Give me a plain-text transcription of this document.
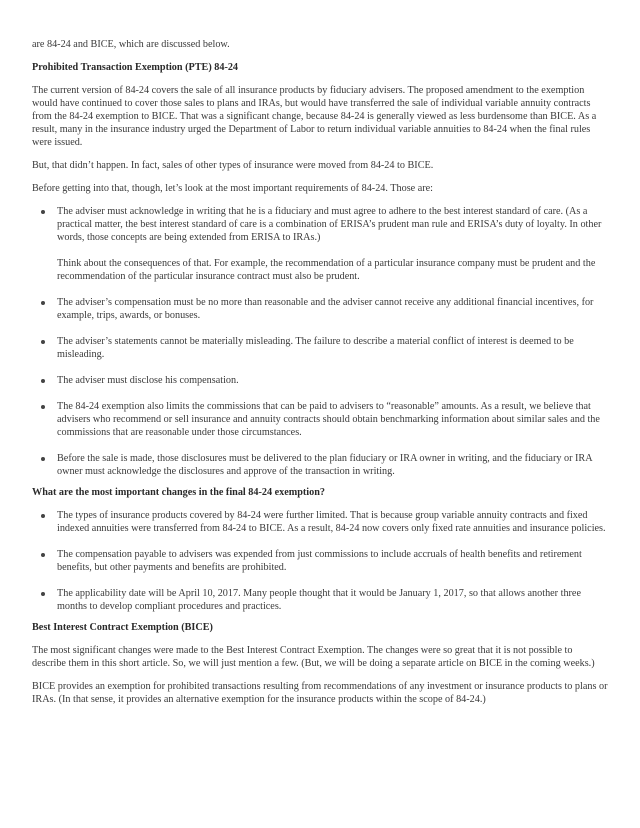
are 84-24 and BICE, which are discussed below.

Prohibited Transaction Exemption (PTE) 84-24

The current version of 84-24 covers the sale of all insurance products by fiduciary advisers. The proposed amendment to the exemption would have continued to cover those sales to plans and IRAs, but would have transferred the sale of individual variable annuity contracts from the 84-24 exemption to BICE. That was a significant change, because 84-24 is generally viewed as less burdensome than BICE. As a result, many in the insurance industry urged the Department of Labor to return individual variable annuities to 84-24 when the final rules were issued.

But, that didn’t happen. In fact, sales of other types of insurance were moved from 84-24 to BICE.

Before getting into that, though, let’s look at the most important requirements of 84-24. Those are:

The adviser must acknowledge in writing that he is a fiduciary and must agree to adhere to the best interest standard of care. (As a practical matter, the best interest standard of care is a combination of ERISA’s prudent man rule and ERISA’s duty of loyalty. In other words, those concepts are being extended from ERISA to IRAs.)
Think about the consequences of that. For example, the recommendation of a particular insurance company must be prudent and the recommendation of the particular insurance contract must also be prudent.
The adviser’s compensation must be no more than reasonable and the adviser cannot receive any additional financial incentives, for example, trips, awards, or bonuses.
The adviser’s statements cannot be materially misleading. The failure to describe a material conflict of interest is deemed to be misleading.
The adviser must disclose his compensation.
The 84-24 exemption also limits the commissions that can be paid to advisers to “reasonable” amounts. As a result, we believe that advisers who recommend or sell insurance and annuity contracts should obtain benchmarking information about similar sales and the commissions that are reasonable under those circumstances.
Before the sale is made, those disclosures must be delivered to the plan fiduciary or IRA owner in writing, and the fiduciary or IRA owner must acknowledge the disclosures and approve of the transaction in writing.

What are the most important changes in the final 84-24 exemption?

The types of insurance products covered by 84-24 were further limited. That is because group variable annuity contracts and fixed indexed annuities were transferred from 84-24 to BICE. As a result, 84-24 now covers only fixed rate annuities and insurance policies.
The compensation payable to advisers was expended from just commissions to include accruals of health benefits and retirement benefits, but other payments and benefits are prohibited.
The applicability date will be April 10, 2017. Many people thought that it would be January 1, 2017, so that allows another three months to develop compliant procedures and practices.

Best Interest Contract Exemption (BICE)

The most significant changes were made to the Best Interest Contract Exemption. The changes were so great that it is not possible to describe them in this short article. So, we will just mention a few. (But, we will be doing a separate article on BICE in the coming weeks.)

BICE provides an exemption for prohibited transactions resulting from recommendations of any investment or insurance products to plans or IRAs. (In that sense, it provides an alternative exemption for the insurance products within the scope of 84-24.)
